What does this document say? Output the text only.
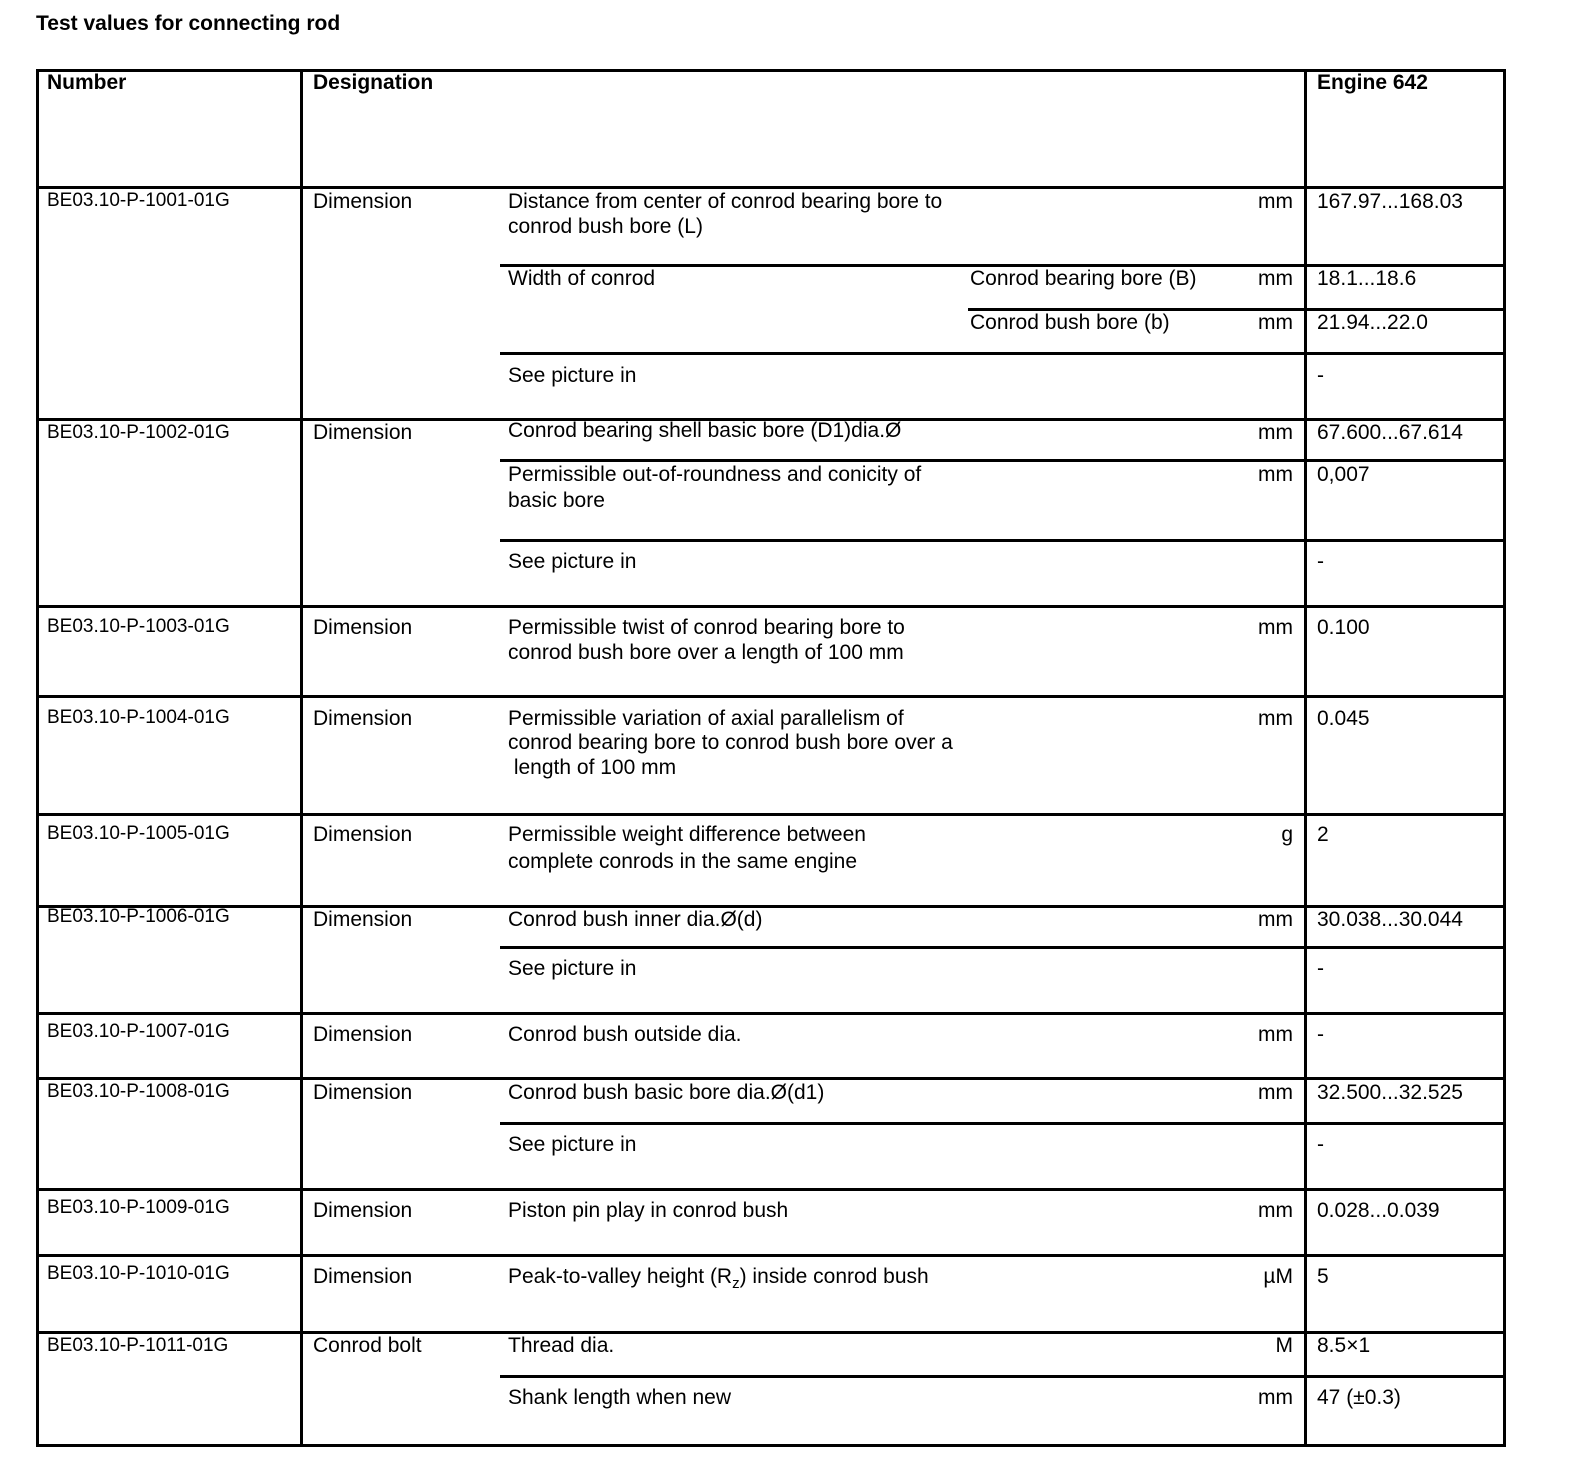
Test values for connecting rod
Number	Designation	Engine 642
BE03.10-P-1001-01G	Dimension	Distance from center of conrod bearing bore to
conrod bush bore (L)
mm 167.97...168.03
Width of conrod	Conrod bearing bore (B)	mm 18.1...18.6
Conrod bush bore (b)	mm 21.94...22.0
See picture in	-
BE03.10-P-1002-01G	Dimension	Conrod bearing shell basic bore (D1)dia.Ø	mm 67.600...67.614
Permissible out-of-roundness and conicity of
basic bore
mm 0,007
See picture in	-
BE03.10-P-1003-01G	Dimension	Permissible twist of conrod bearing bore to
conrod bush bore over a length of 100 mm
mm 0.100
BE03.10-P-1004-01G	Dimension	Permissible variation of axial parallelism of
conrod bearing bore to conrod bush bore over a
length of 100 mm
mm 0.045
BE03.10-P-1005-01G	Dimension	Permissible weight difference between
complete conrods in the same engine
g 2
BE03.10-P-1006-01G	Dimension	Conrod bush inner dia.Ø(d)	mm 30.038...30.044
See picture in	-
BE03.10-P-1007-01G	Dimension	Conrod bush outside dia.	mm -
BE03.10-P-1008-01G	Dimension	Conrod bush basic bore dia.Ø(d1)	mm 32.500...32.525
See picture in	-
BE03.10-P-1009-01G	Dimension	Piston pin play in conrod bush	mm 0.028...0.039
BE03.10-P-1010-01G	Dimension	Peak-to-valley height $(R_z)$ inside conrod bush	µM 5
BE03.10-P-1011-01G	Conrod bolt	Thread dia.	M 8.5×1
Shank length when new	mm 47 (±0.3)
